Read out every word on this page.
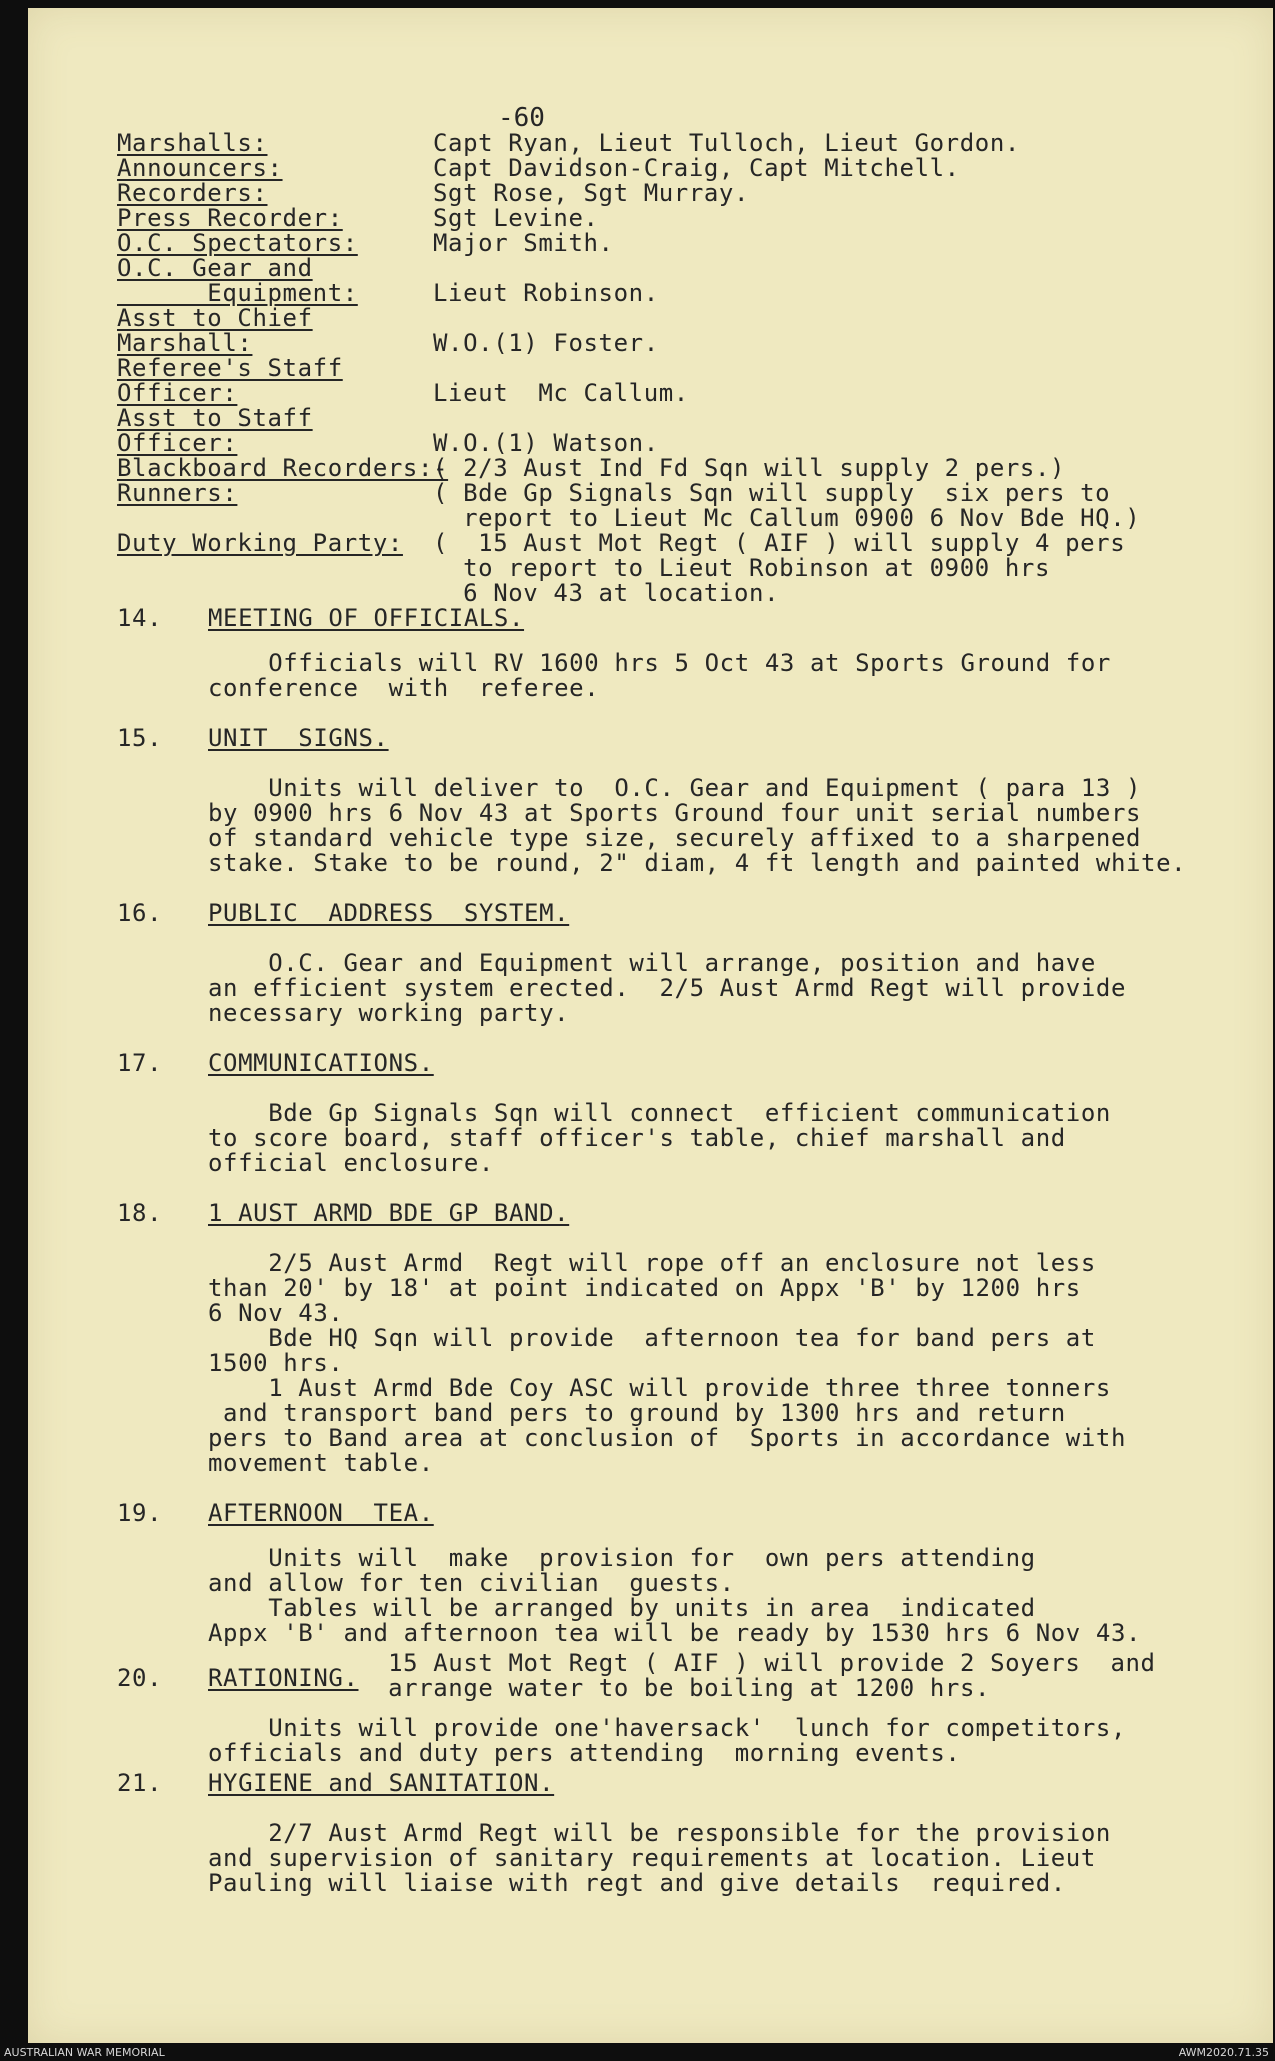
-60
Marshalls:	Capt Ryan, Lieut Tulloch, Lieut Gordon.
Announcers:	Capt Davidson-Craig, Capt Mitchell.
Recorders:	Sgt Rose, Sgt Murray.
Press Recorder:	Sgt Levine.
O.C. Spectators:	Major Smith.
O.C. Gear and
Equipment:	Lieut Robinson.
Asst to Chief
Marshall:	W.O.(1) Foster.
Referee's Staff
Officer:	Lieut  Mc Callum.
Asst to Staff
Officer:	W.O.(1) Watson.
Blackboard Recorders:-
( 2/3 Aust Ind Fd Sqn will supply 2 pers.)
Runners:	( Bde Gp Signals Sqn will supply  six pers to
report to Lieut Mc Callum 0900 6 Nov Bde HQ.)
Duty Working Party: (  15 Aust Mot Regt ( AIF ) will supply 4 pers
to report to Lieut Robinson at 0900 hrs
6 Nov 43 at location.
14. MEETING OF OFFICIALS.
Officials will RV 1600 hrs 5 Oct 43 at Sports Ground for
conference  with  referee.
15. UNIT  SIGNS.
Units will deliver to  O.C. Gear and Equipment ( para 13 )
by 0900 hrs 6 Nov 43 at Sports Ground four unit serial numbers
of standard vehicle type size, securely affixed to a sharpened
stake. Stake to be round, 2" diam, 4 ft length and painted white.
16. PUBLIC  ADDRESS  SYSTEM.
O.C. Gear and Equipment will arrange, position and have
an efficient system erected.  2/5 Aust Armd Regt will provide
necessary working party.
17. COMMUNICATIONS.
Bde Gp Signals Sqn will connect  efficient communication
to score board, staff officer's table, chief marshall and
official enclosure.
18. 1 AUST ARMD BDE GP BAND.
2/5 Aust Armd  Regt will rope off an enclosure not less
than 20' by 18' at point indicated on Appx 'B' by 1200 hrs
6 Nov 43.
Bde HQ Sqn will provide  afternoon tea for band pers at
1500 hrs.
1 Aust Armd Bde Coy ASC will provide three three tonners
and transport band pers to ground by 1300 hrs and return
pers to Band area at conclusion of  Sports in accordance with
movement table.
19. AFTERNOON  TEA.
Units will  make  provision for  own pers attending
and allow for ten civilian  guests.
Tables will be arranged by units in area  indicated
Appx 'B' and afternoon tea will be ready by 1530 hrs 6 Nov 43.
15 Aust Mot Regt ( AIF ) will provide 2 Soyers  and
arrange water to be boiling at 1200 hrs.
20. RATIONING.
Units will provide one'haversack'  lunch for competitors,
officials and duty pers attending  morning events.
21. HYGIENE and SANITATION.
2/7 Aust Armd Regt will be responsible for the provision
and supervision of sanitary requirements at location. Lieut
Pauling will liaise with regt and give details  required.
AUSTRALIAN WAR MEMORIAL	AWM2020.71.35
